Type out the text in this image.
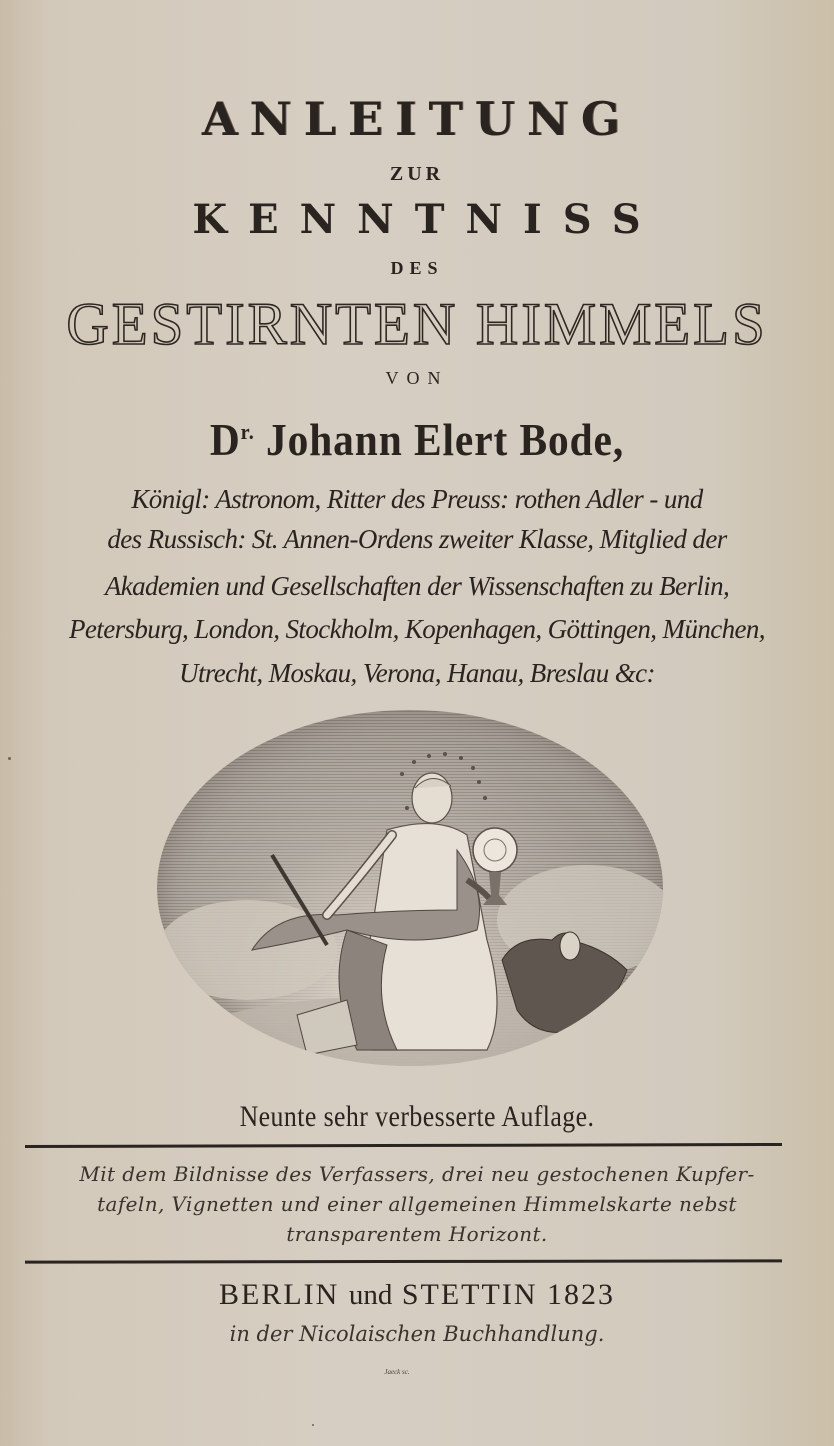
ANLEITUNG
ZUR
KENNTNISS
DES
GESTIRNTEN HIMMELS
VON
$D^{r.}$ Johann Elert Bode,
Königl: Astronom, Ritter des Preuss: rothen Adler - und
des Russisch: St. Annen-Ordens zweiter Klasse, Mitglied der
Akademien und Gesellschaften der Wissenschaften zu Berlin,
Petersburg, London, Stockholm, Kopenhagen, Göttingen, München,
Utrecht, Moskau, Verona, Hanau, Breslau &c:
Neunte sehr verbesserte Auflage.
Mit dem Bildnisse des Verfassers, drei neu gestochenen Kupfer-
tafeln, Vignetten und einer allgemeinen Himmelskarte nebst
transparentem Horizont.
BERLIN und STETTIN 1823
in der Nicolaischen Buchhandlung.
Jaeck sc.
